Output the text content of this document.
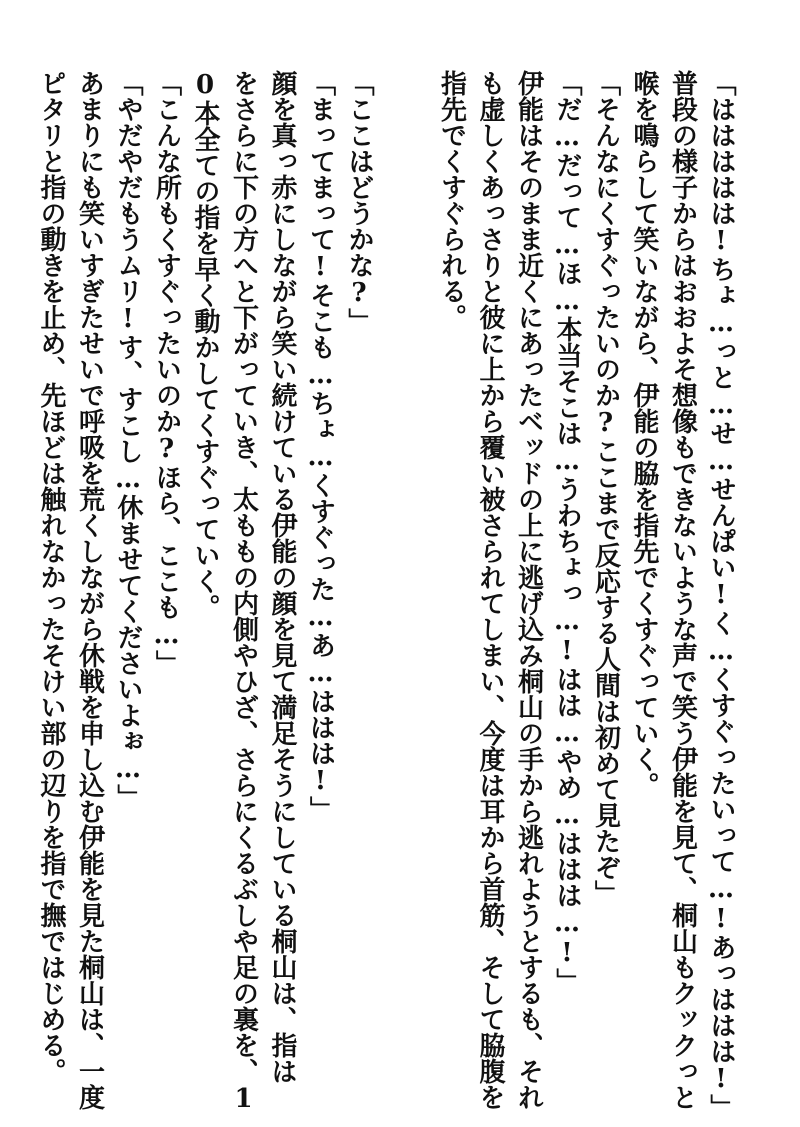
「ははははは!ちょ…っと…せ…せんぱい!く…くすぐったいって…!あっははは!」
普段の様子からはおおよそ想像もできないような声で笑う伊能を見て、桐山もクックっと
喉を鳴らして笑いながら、伊能の脇を指先でくすぐっていく。
「そんなにくすぐったいのか?ここまで反応する人間は初めて見たぞ」
「だ…だって…ほ…本当そこは…うわちょっ…!はは…やめ…ははは…!」
伊能はそのまま近くにあったベッドの上に逃げ込み桐山の手から逃れようとするも、それ
も虚しくあっさりと彼に上から覆い被さられてしまい、今度は耳から首筋、そして脇腹を
指先でくすぐられる。
「ここはどうかな?」
「まってまって!そこも…ちょ…くすぐった…あ…ははは!」
顔を真っ赤にしながら笑い続けている伊能の顔を見て満足そうにしている桐山は、指は
をさらに下の方へと下がっていき、太ももの内側やひざ、さらにくるぶしや足の裏を、1
0本全ての指を早く動かしてくすぐっていく。
「こんな所もくすぐったいのか?ほら、ここも…」
「やだやだもうムリ!す、すこし…休ませてくださいよぉ…」
あまりにも笑いすぎたせいで呼吸を荒くしながら休戦を申し込む伊能を見た桐山は、一度
ピタリと指の動きを止め、先ほどは触れなかったそけい部の辺りを指で撫ではじめる。
